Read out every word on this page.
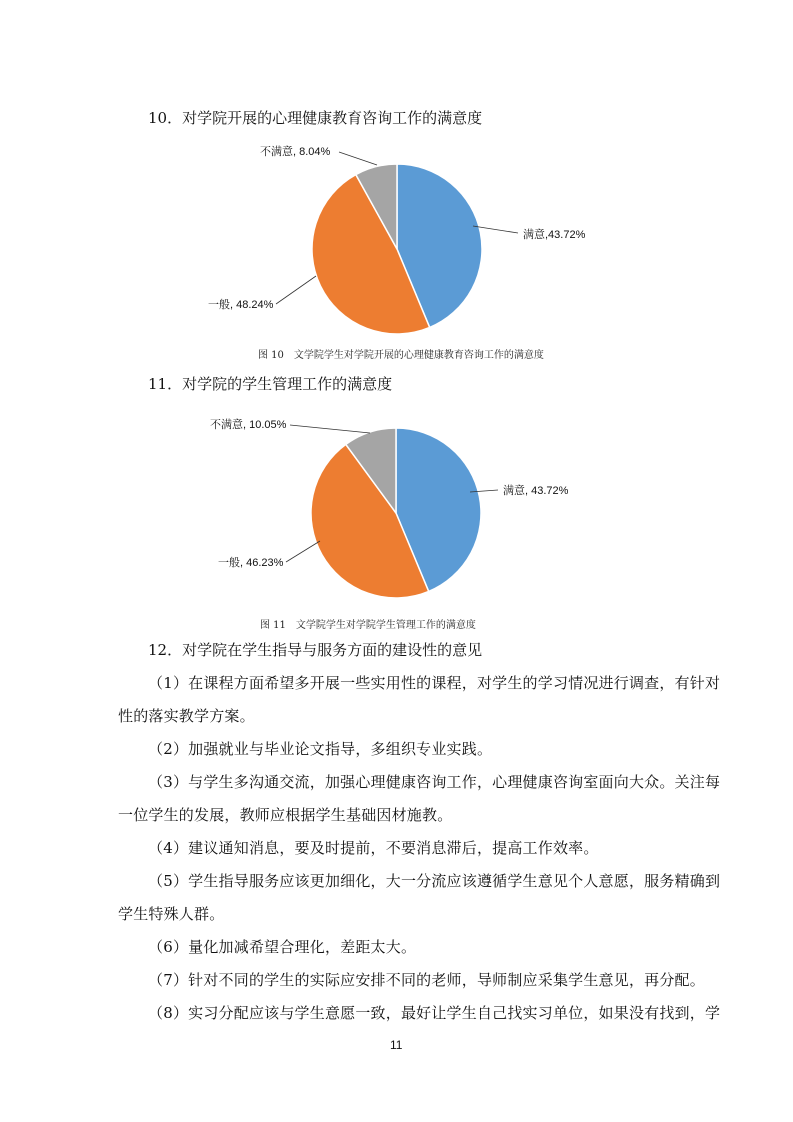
10．对学院开展的心理健康教育咨询工作的满意度
满意,43.72%
一般, 48.24%
不满意, 8.04%
图 10　文学院学生对学院开展的心理健康教育咨询工作的满意度
11．对学院的学生管理工作的满意度
满意, 43.72%
一般, 46.23%
不满意, 10.05%
图 11　文学院学生对学院学生管理工作的满意度
12．对学院在学生指导与服务方面的建设性的意见
（1）在课程方面希望多开展一些实用性的课程，对学生的学习情况进行调查，有针对
性的落实教学方案。
（2）加强就业与毕业论文指导，多组织专业实践。
（3）与学生多沟通交流，加强心理健康咨询工作，心理健康咨询室面向大众。关注每
一位学生的发展，教师应根据学生基础因材施教。
（4）建议通知消息，要及时提前，不要消息滞后，提高工作效率。
（5）学生指导服务应该更加细化，大一分流应该遵循学生意见个人意愿，服务精确到
学生特殊人群。
（6）量化加减希望合理化，差距太大。
（7）针对不同的学生的实际应安排不同的老师，导师制应采集学生意见，再分配。
（8）实习分配应该与学生意愿一致，最好让学生自己找实习单位，如果没有找到，学
11
